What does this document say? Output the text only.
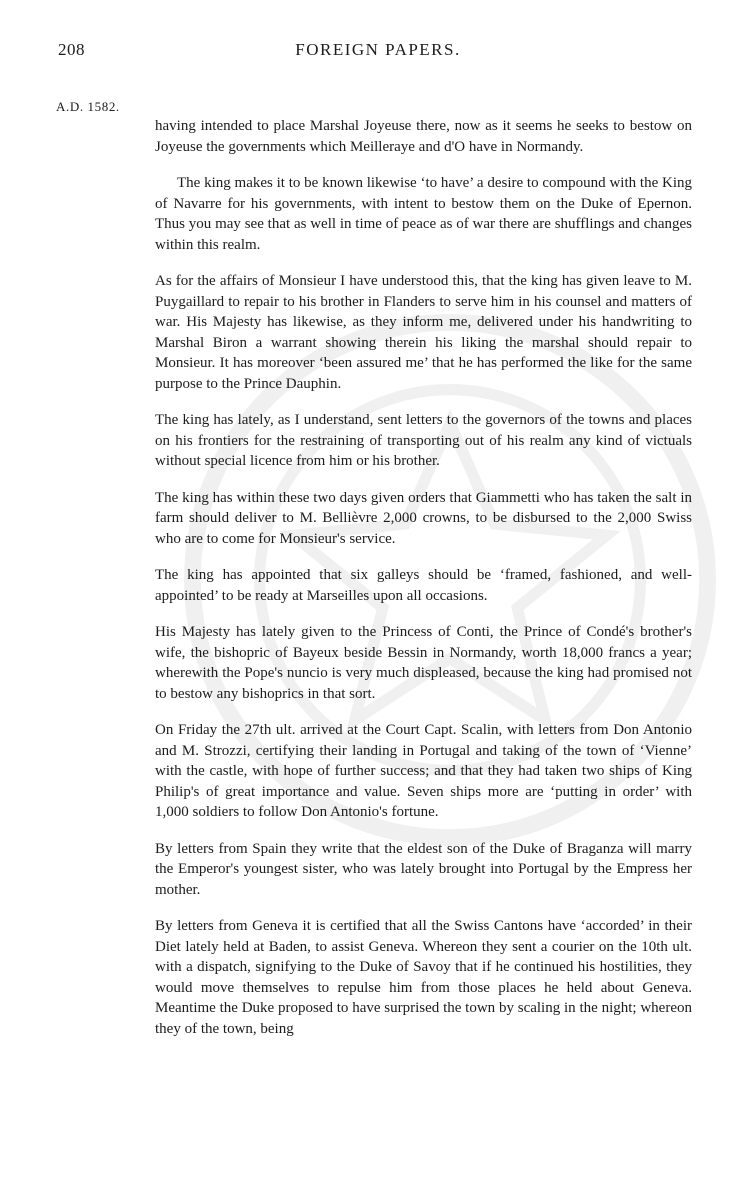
208	FOREIGN PAPERS.
A.D. 1582.

having intended to place Marshal Joyeuse there, now as it seems he seeks to bestow on Joyeuse the governments which Meilleraye and d'O have in Normandy.

The king makes it to be known likewise ‘to have’ a desire to compound with the King of Navarre for his governments, with intent to bestow them on the Duke of Epernon. Thus you may see that as well in time of peace as of war there are shufflings and changes within this realm.

As for the affairs of Monsieur I have understood this, that the king has given leave to M. Puygaillard to repair to his brother in Flanders to serve him in his counsel and matters of war. His Majesty has likewise, as they inform me, delivered under his handwriting to Marshal Biron a warrant showing therein his liking the marshal should repair to Monsieur. It has moreover ‘been assured me’ that he has performed the like for the same purpose to the Prince Dauphin.

The king has lately, as I understand, sent letters to the governors of the towns and places on his frontiers for the restraining of transporting out of his realm any kind of victuals without special licence from him or his brother.

The king has within these two days given orders that Giammetti who has taken the salt in farm should deliver to M. Bellièvre 2,000 crowns, to be disbursed to the 2,000 Swiss who are to come for Monsieur's service.

The king has appointed that six galleys should be ‘framed, fashioned, and well-appointed’ to be ready at Marseilles upon all occasions.

His Majesty has lately given to the Princess of Conti, the Prince of Condé's brother's wife, the bishopric of Bayeux beside Bessin in Normandy, worth 18,000 francs a year; wherewith the Pope's nuncio is very much displeased, because the king had promised not to bestow any bishoprics in that sort.

On Friday the 27th ult. arrived at the Court Capt. Scalin, with letters from Don Antonio and M. Strozzi, certifying their landing in Portugal and taking of the town of ‘Vienne’ with the castle, with hope of further success; and that they had taken two ships of King Philip's of great importance and value. Seven ships more are ‘putting in order’ with 1,000 soldiers to follow Don Antonio's fortune.

By letters from Spain they write that the eldest son of the Duke of Braganza will marry the Emperor's youngest sister, who was lately brought into Portugal by the Empress her mother.

By letters from Geneva it is certified that all the Swiss Cantons have ‘accorded’ in their Diet lately held at Baden, to assist Geneva. Whereon they sent a courier on the 10th ult. with a dispatch, signifying to the Duke of Savoy that if he continued his hostilities, they would move themselves to repulse him from those places he held about Geneva. Meantime the Duke proposed to have surprised the town by scaling in the night; whereon they of the town, being
